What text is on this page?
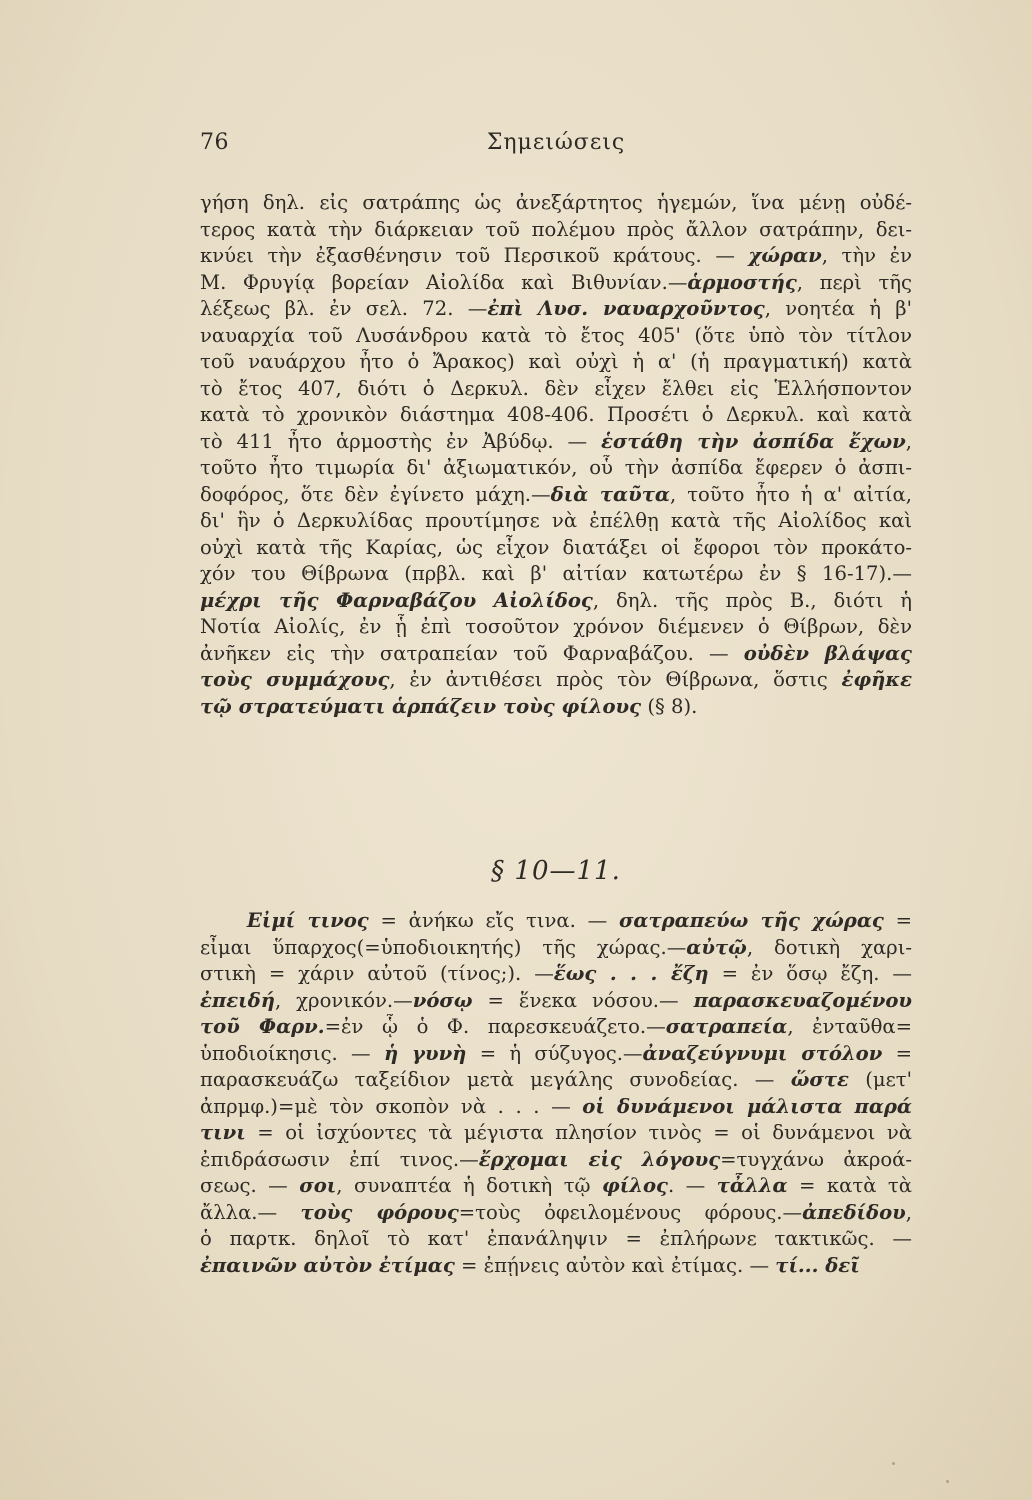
76	Σημειώσεις
γήση δηλ. εἰς σατράπης ὡς ἀνεξάρτητος ἡγεμών, ἵνα μένῃ οὐδέ-
τερος κατὰ τὴν διάρκειαν τοῦ πολέμου πρὸς ἄλλον σατράπην, δει-
κνύει τὴν ἐξασθένησιν τοῦ Περσικοῦ κράτους. — χώραν, τὴν ἐν
Μ. Φρυγίᾳ βορείαν Αἰολίδα καὶ Βιθυνίαν.—ἁρμοστής, περὶ τῆς
λέξεως βλ. ἐν σελ. 72. —ἐπὶ Λυσ. ναυαρχοῦντος, νοητέα ἡ β'
ναυαρχία τοῦ Λυσάνδρου κατὰ τὸ ἔτος 405' (ὅτε ὑπὸ τὸν τίτλον
τοῦ ναυάρχου ἦτο ὁ Ἄρακος) καὶ οὐχὶ ἡ α' (ἡ πραγματική) κατὰ
τὸ ἔτος 407, διότι ὁ Δερκυλ. δὲν εἶχεν ἔλθει εἰς Ἑλλήσποντον
κατὰ τὸ χρονικὸν διάστημα 408-406. Προσέτι ὁ Δερκυλ. καὶ κατὰ
τὸ 411 ἦτο ἁρμοστὴς ἐν Ἀβύδῳ. — ἑστάθη τὴν ἀσπίδα ἔχων,
τοῦτο ἦτο τιμωρία δι' ἀξιωματικόν, οὗ τὴν ἀσπίδα ἔφερεν ὁ ἀσπι-
δοφόρος, ὅτε δὲν ἐγίνετο μάχη.—διὰ ταῦτα, τοῦτο ἦτο ἡ α' αἰτία,
δι' ἣν ὁ Δερκυλίδας προυτίμησε νὰ ἐπέλθῃ κατὰ τῆς Αἰολίδος καὶ
οὐχὶ κατὰ τῆς Καρίας, ὡς εἶχον διατάξει οἱ ἔφοροι τὸν προκάτο-
χόν του Θίβρωνα (πρβλ. καὶ β' αἰτίαν κατωτέρω ἐν § 16-17).—
μέχρι τῆς Φαρναβάζου Αἰολίδος, δηλ. τῆς πρὸς Β., διότι ἡ
Νοτία Αἰολίς, ἐν ᾗ ἐπὶ τοσοῦτον χρόνον διέμενεν ὁ Θίβρων, δὲν
ἀνῆκεν εἰς τὴν σατραπείαν τοῦ Φαρναβάζου. — οὐδὲν βλάψας
τοὺς συμμάχους, ἐν ἀντιθέσει πρὸς τὸν Θίβρωνα, ὅστις ἐφῆκε
τῷ στρατεύματι ἁρπάζειν τοὺς φίλους (§ 8).
§ 10—11.
Εἰμί τινος = ἀνήκω εἴς τινα. — σατραπεύω τῆς χώρας =
εἶμαι ὕπαρχος(=ὑποδιοικητής) τῆς χώρας.—αὐτῷ, δοτικὴ χαρι-
στικὴ = χάριν αὐτοῦ (τίνος;). —ἕως . . . ἔζη = ἐν ὅσῳ ἔζη. —
ἐπειδή, χρονικόν.—νόσῳ = ἕνεκα νόσου.— παρασκευαζομένου
τοῦ Φαρν.=ἐν ᾧ ὁ Φ. παρεσκευάζετο.—σατραπεία, ἐνταῦθα=
ὑποδιοίκησις. — ἡ γυνὴ = ἡ σύζυγος.—ἀναζεύγνυμι στόλον =
παρασκευάζω ταξείδιον μετὰ μεγάλης συνοδείας. — ὥστε (μετ'
ἀπρμφ.)=μὲ τὸν σκοπὸν νὰ . . . — οἱ δυνάμενοι μάλιστα παρά
τινι = οἱ ἰσχύοντες τὰ μέγιστα πλησίον τινὸς = οἱ δυνάμενοι νὰ
ἐπιδράσωσιν ἐπί τινος.—ἔρχομαι εἰς λόγους=τυγχάνω ἀκροά-
σεως. — σοι, συναπτέα ἡ δοτικὴ τῷ φίλος. — τἆλλα = κατὰ τὰ
ἄλλα.— τοὺς φόρους=τοὺς ὀφειλομένους φόρους.—ἀπεδίδου,
ὁ παρτκ. δηλοῖ τὸ κατ' ἐπανάληψιν = ἐπλήρωνε τακτικῶς. —
ἐπαινῶν αὐτὸν ἐτίμας = ἐπῄνεις αὐτὸν καὶ ἐτίμας. — τί... δεῖ
